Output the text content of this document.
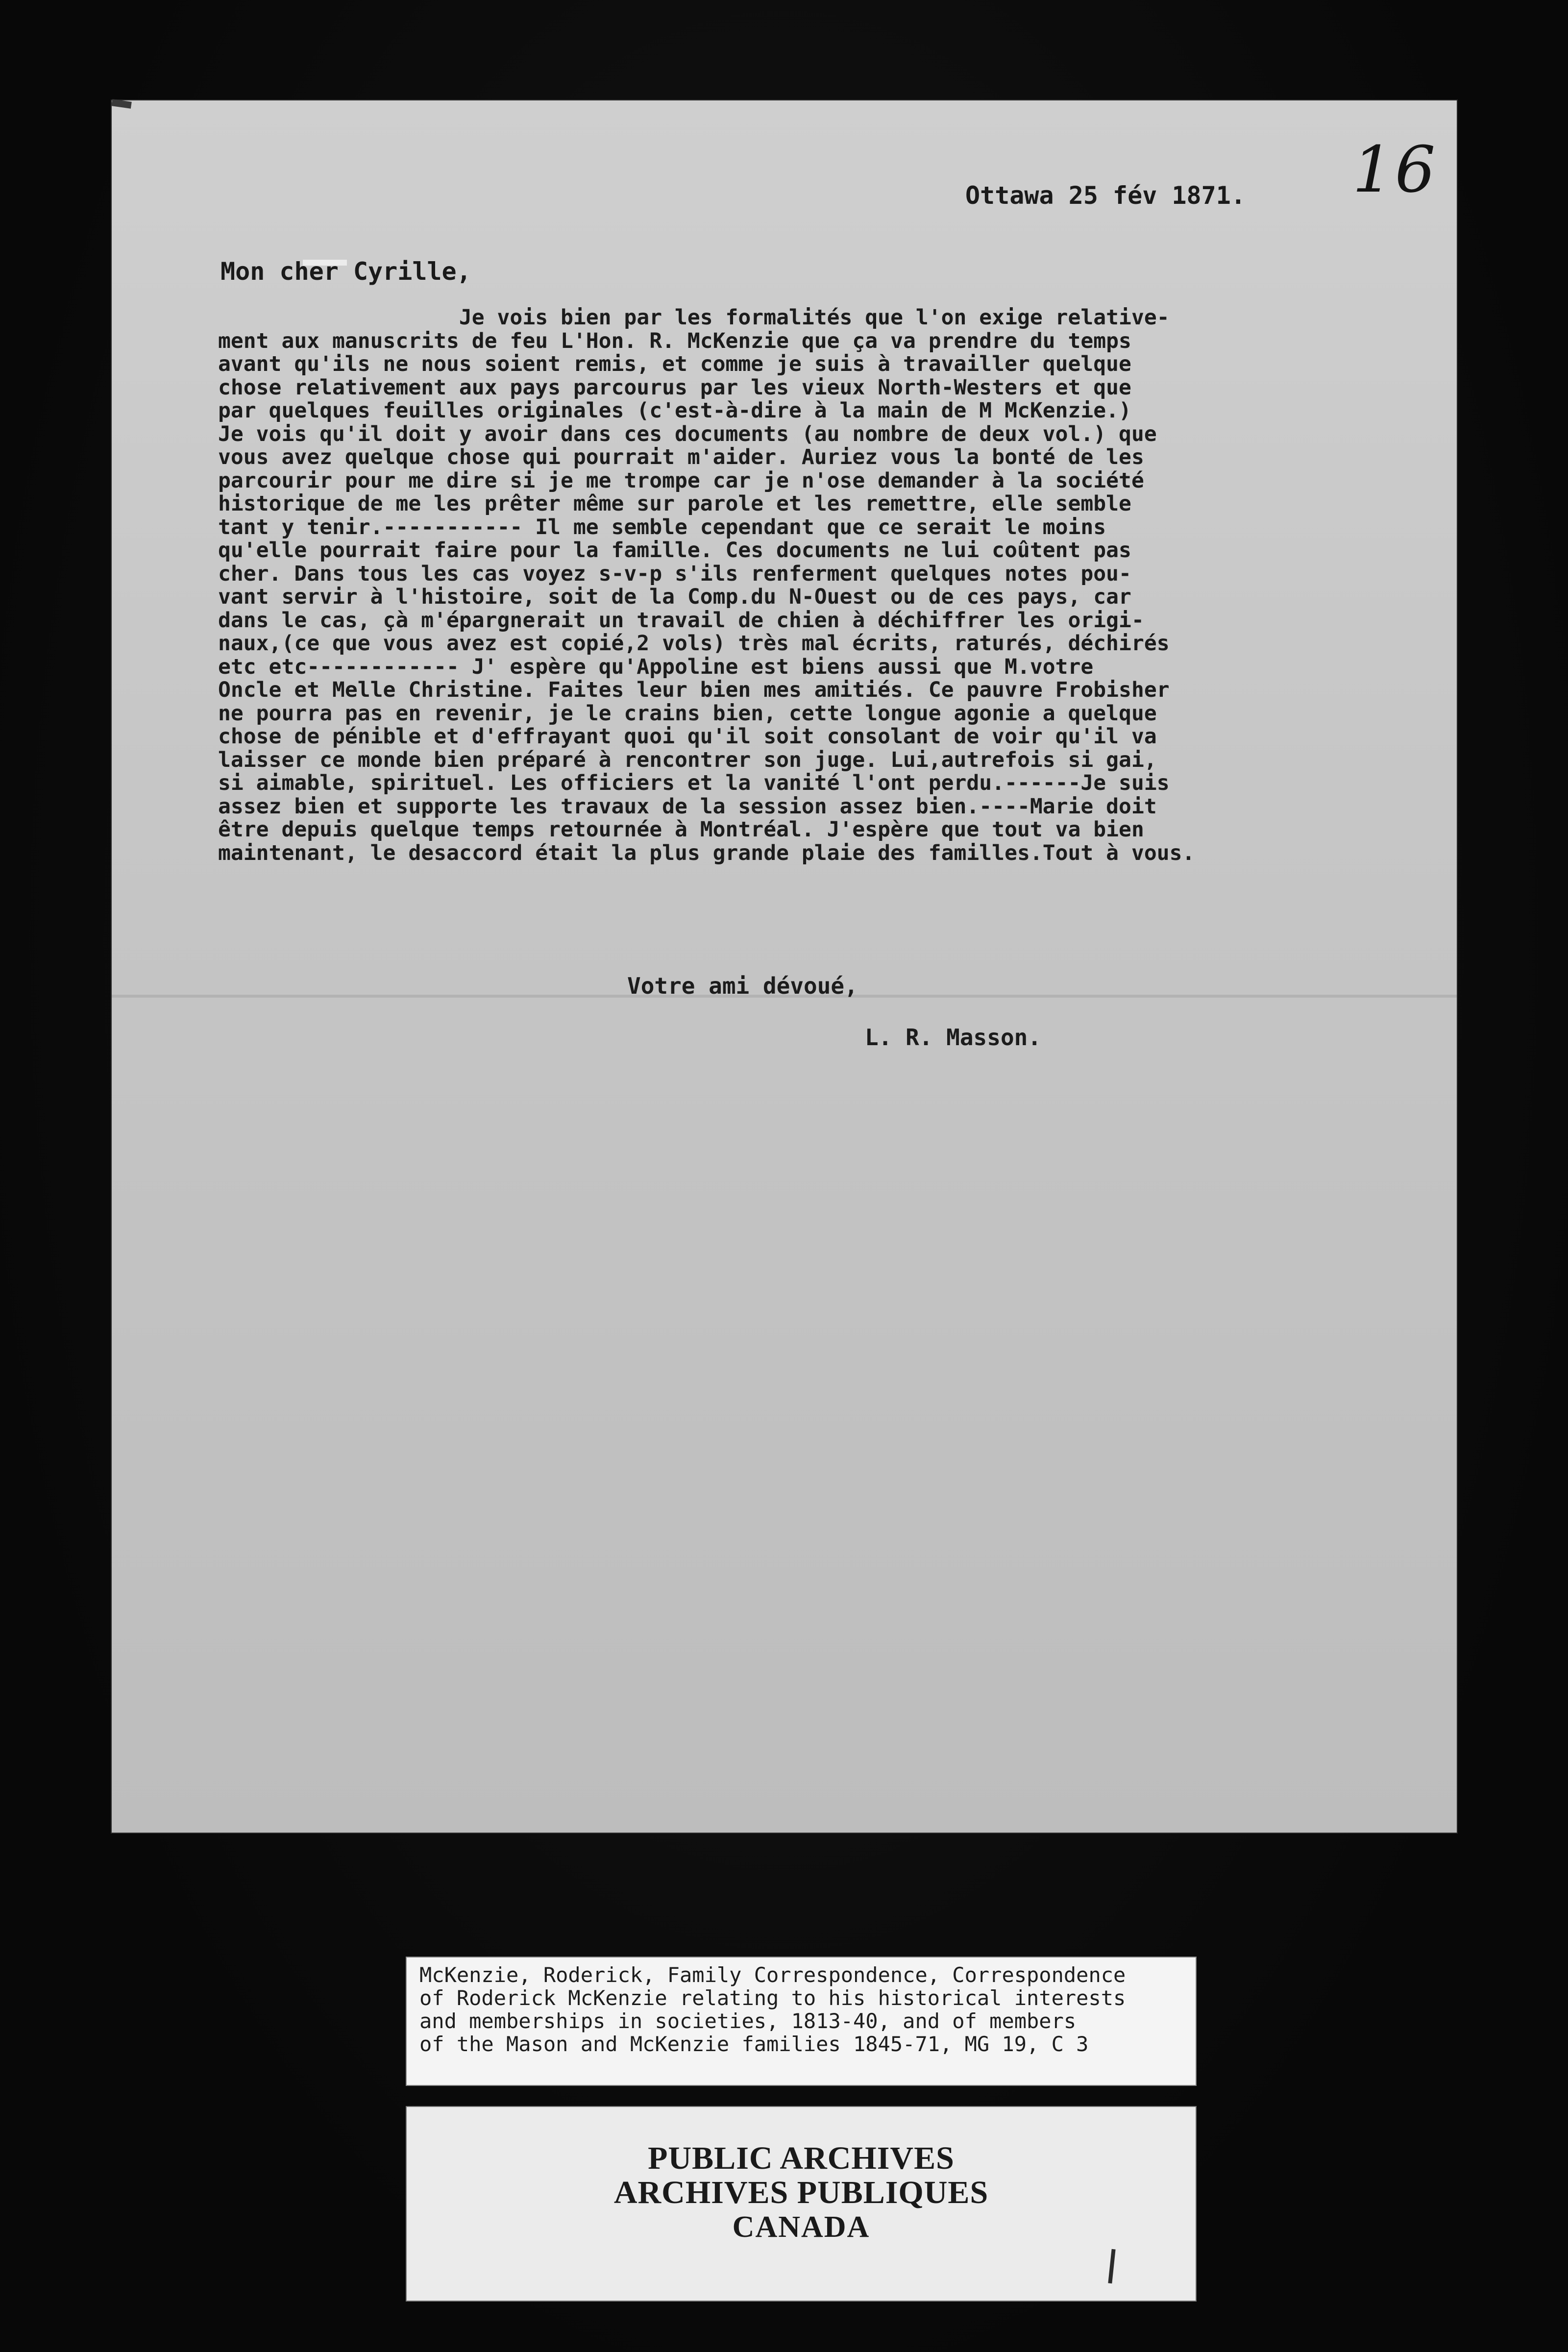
16
Ottawa 25 fév 1871.
Mon cher Cyrille,
Je vois bien par les formalités que l'on exige relative-
ment aux manuscrits de feu L'Hon. R. McKenzie que ça va prendre du temps
avant qu'ils ne nous soient remis, et comme je suis à travailler quelque
chose relativement aux pays parcourus par les vieux North-Westers et que
par quelques feuilles originales (c'est-à-dire à la main de M McKenzie.)
Je vois qu'il doit y avoir dans ces documents (au nombre de deux vol.) que
vous avez quelque chose qui pourrait m'aider. Auriez vous la bonté de les
parcourir pour me dire si je me trompe car je n'ose demander à la société
historique de me les prêter même sur parole et les remettre, elle semble
tant y tenir.----------- Il me semble cependant que ce serait le moins
qu'elle pourrait faire pour la famille. Ces documents ne lui coûtent pas
cher. Dans tous les cas voyez s-v-p s'ils renferment quelques notes pou-
vant servir à l'histoire, soit de la Comp.du N-Ouest ou de ces pays, car
dans le cas, çà m'épargnerait un travail de chien à déchiffrer les origi-
naux,(ce que vous avez est copié,2 vols) très mal écrits, raturés, déchirés
etc etc------------ J' espère qu'Appoline est biens aussi que M.votre
Oncle et Melle Christine. Faites leur bien mes amitiés. Ce pauvre Frobisher
ne pourra pas en revenir, je le crains bien, cette longue agonie a quelque
chose de pénible et d'effrayant quoi qu'il soit consolant de voir qu'il va
laisser ce monde bien préparé à rencontrer son juge. Lui,autrefois si gai,
si aimable, spirituel. Les officiers et la vanité l'ont perdu.------Je suis
assez bien et supporte les travaux de la session assez bien.----Marie doit
être depuis quelque temps retournée à Montréal. J'espère que tout va bien
maintenant, le desaccord était la plus grande plaie des familles.Tout à vous.
Votre ami dévoué,
L. R. Masson.
McKenzie, Roderick, Family Correspondence, Correspondence
of Roderick McKenzie relating to his historical interests
and memberships in societies, 1813-40, and of members
of the Mason and McKenzie families 1845-71, MG 19, C 3
PUBLIC ARCHIVES
ARCHIVES PUBLIQUES
CANADA
